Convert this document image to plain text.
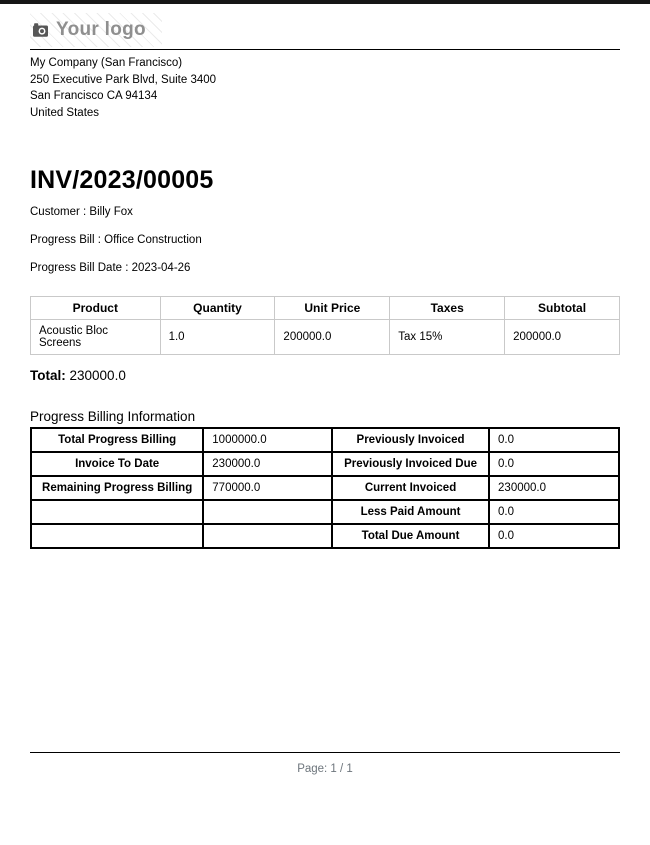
Your logo
My Company (San Francisco)
250 Executive Park Blvd, Suite 3400
San Francisco CA 94134
United States
INV/2023/00005
Customer : Billy Fox
Progress Bill : Office Construction
Progress Bill Date : 2023-04-26
Product	Quantity	Unit Price	Taxes	Subtotal
Acoustic Bloc Screens	1.0	200000.0	Tax 15%	200000.0
Total: 230000.0
Progress Billing Information
Total Progress Billing	1000000.0	Previously Invoiced	0.0
Invoice To Date	230000.0	Previously Invoiced Due	0.0
Remaining Progress Billing	770000.0	Current Invoiced	230000.0
		Less Paid Amount	0.0
		Total Due Amount	0.0
Page: 1 / 1
